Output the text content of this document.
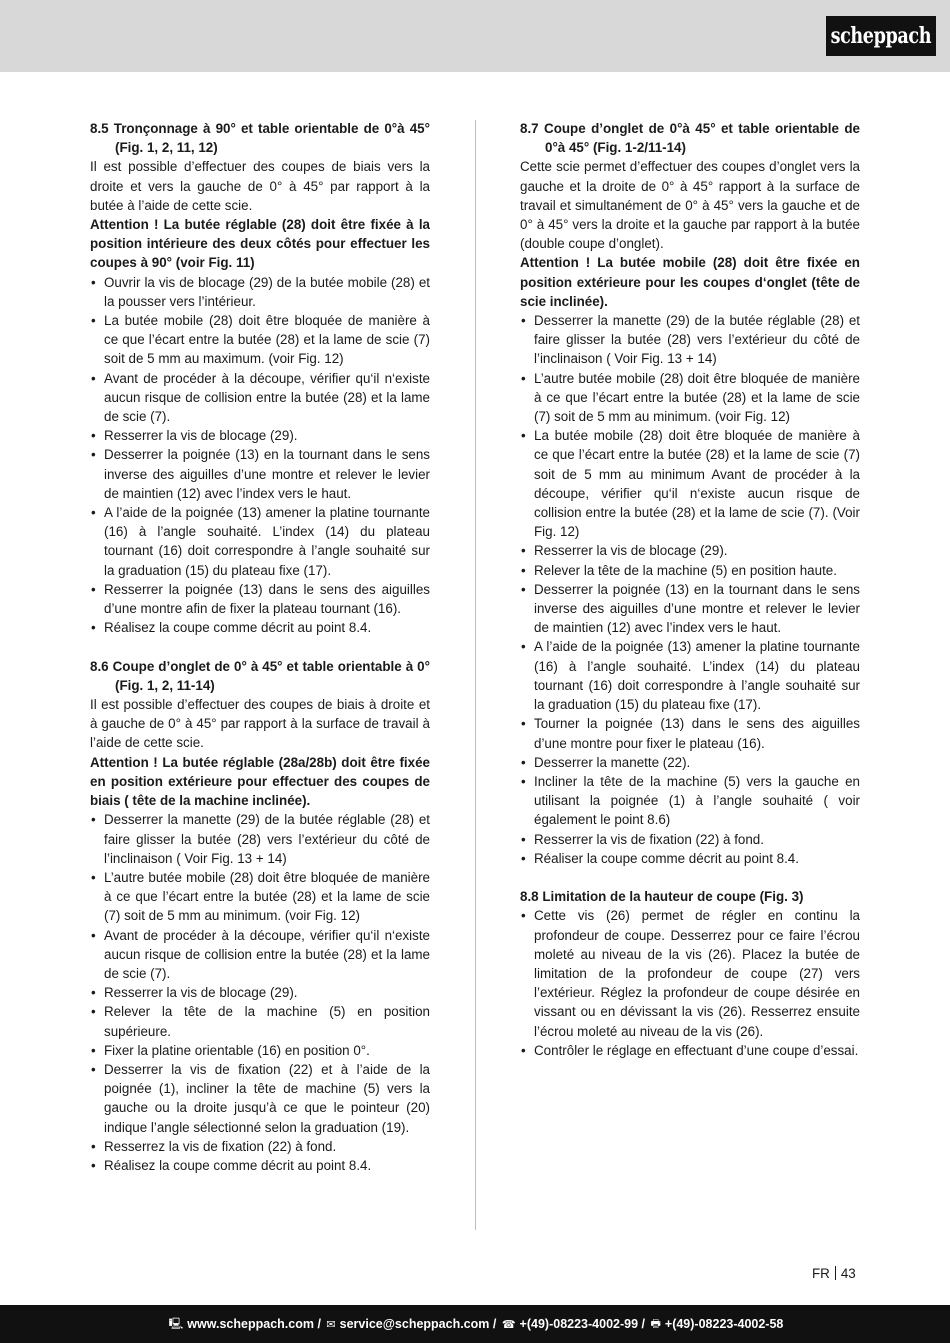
scheppach

8.5 Tronçonnage à 90° et table orientable de 0°à 45° (Fig. 1, 2, 11, 12)

Il est possible d’effectuer des coupes de biais vers la droite et vers la gauche de 0° à 45° par rapport à la butée à l’aide de cette scie.

Attention ! La butée réglable (28) doit être fixée à la position intérieure des deux côtés pour effectuer les coupes à 90° (voir Fig. 11)

• Ouvrir la vis de blocage (29) de la butée mobile (28) et la pousser vers l’intérieur.
• La butée mobile (28) doit être bloquée de manière à ce que l’écart entre la butée (28) et la lame de scie (7) soit de 5 mm au maximum. (voir Fig. 12)
• Avant de procéder à la découpe, vérifier qu‘il n‘existe aucun risque de collision entre la butée (28) et la lame de scie (7).
• Resserrer la vis de blocage (29).
• Desserrer la poignée (13) en la tournant dans le sens inverse des aiguilles d’une montre et relever le levier de maintien (12) avec l’index vers le haut.
• A l’aide de la poignée (13) amener la platine tournante (16) à l’angle souhaité. L’index (14) du plateau tournant (16) doit correspondre à l’angle souhaité sur la graduation (15) du plateau fixe (17).
• Resserrer la poignée (13) dans le sens des aiguilles d’une montre afin de fixer la plateau tournant (16).
• Réalisez la coupe comme décrit au point 8.4.

8.6 Coupe d’onglet de 0° à 45° et table orientable à 0° (Fig. 1, 2, 11-14)

Il est possible d’effectuer des coupes de biais à droite et à gauche de 0° à 45° par rapport à la surface de travail à l’aide de cette scie.

Attention ! La butée réglable (28a/28b) doit être fixée en position extérieure pour effectuer des coupes de biais ( tête de la machine inclinée).

• Desserrer la manette (29) de la butée réglable (28) et faire glisser la butée (28) vers l’extérieur du côté de l’inclinaison ( Voir Fig. 13 + 14)
• L’autre butée mobile (28) doit être bloquée de manière à ce que l’écart entre la butée (28) et la lame de scie (7) soit de 5 mm au minimum. (voir Fig. 12)
• Avant de procéder à la découpe, vérifier qu‘il n‘existe aucun risque de collision entre la butée (28) et la lame de scie (7).
• Resserrer la vis de blocage (29).
• Relever la tête de la machine (5) en position supérieure.
• Fixer la platine orientable (16) en position 0°.
• Desserrer la vis de fixation (22) et à l’aide de la poignée (1), incliner la tête de machine (5) vers la gauche ou la droite jusqu’à ce que le pointeur (20) indique l’angle sélectionné selon la graduation (19).
• Resserrez la vis de fixation (22) à fond.
• Réalisez la coupe comme décrit au point 8.4.

8.7 Coupe d’onglet de 0°à 45° et table orientable de 0°à 45° (Fig. 1-2/11-14)

Cette scie permet d’effectuer des coupes d’onglet vers la gauche et la droite de 0° à 45° rapport à la surface de travail et simultanément de 0° à 45° vers la gauche et de 0° à 45° vers la droite et la gauche par rapport à la butée (double coupe d’onglet).

Attention ! La butée mobile (28) doit être fixée en position extérieure pour les coupes d‘onglet (tête de scie inclinée).

• Desserrer la manette (29) de la butée réglable (28) et faire glisser la butée (28) vers l’extérieur du côté de l’inclinaison ( Voir Fig. 13 + 14)
• L’autre butée mobile (28) doit être bloquée de manière à ce que l’écart entre la butée (28) et la lame de scie (7) soit de 5 mm au minimum. (voir Fig. 12)
• La butée mobile (28) doit être bloquée de manière à ce que l’écart entre la butée (28) et la lame de scie (7) soit de 5 mm au minimum Avant de procéder à la découpe, vérifier qu‘il n‘existe aucun risque de collision entre la butée (28) et la lame de scie (7). (Voir Fig. 12)
• Resserrer la vis de blocage (29).
• Relever la tête de la machine (5) en position haute.
• Desserrer la poignée (13) en la tournant dans le sens inverse des aiguilles d’une montre et relever le levier de maintien (12) avec l’index vers le haut.
• A l’aide de la poignée (13) amener la platine tournante (16) à l’angle souhaité. L’index (14) du plateau tournant (16) doit correspondre à l’angle souhaité sur la graduation (15) du plateau fixe (17).
• Tourner la poignée (13) dans le sens des aiguilles d’une montre pour fixer le plateau (16).
• Desserrer la manette (22).
• Incliner la tête de la machine (5) vers la gauche en utilisant la poignée (1) à l’angle souhaité ( voir également le point 8.6)
• Resserrer la vis de fixation (22) à fond.
• Réaliser la coupe comme décrit au point 8.4.

8.8 Limitation de la hauteur de coupe (Fig. 3)

• Cette vis (26) permet de régler en continu la profondeur de coupe. Desserrez pour ce faire l’écrou moleté au niveau de la vis (26). Placez la butée de limitation de la profondeur de coupe (27) vers l’extérieur. Réglez la profondeur de coupe désirée en vissant ou en dévissant la vis (26). Resserrez ensuite l’écrou moleté au niveau de la vis (26).
• Contrôler le réglage en effectuant d’une coupe d’essai.
FR 43
🖳 www.scheppach.com
/
✉ service@scheppach.com
/
☎ +(49)-08223-4002-99
/
🖶 +(49)-08223-4002-58
